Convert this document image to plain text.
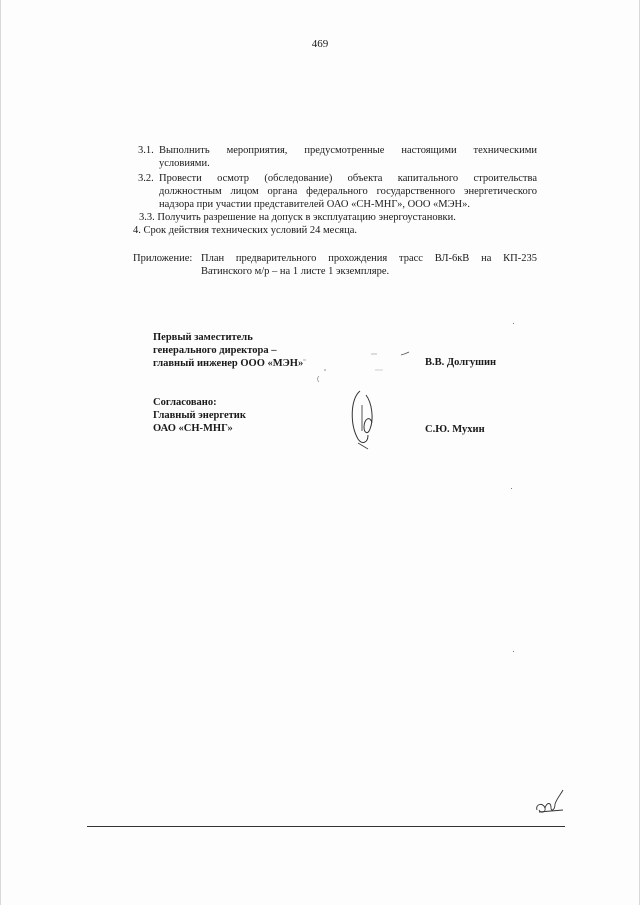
469
3.1. Выполнить мероприятия, предусмотренные настоящими техническими
условиями.
3.2. Провести осмотр (обследование) объекта капитального строительства
должностным лицом органа федерального государственного энергетического
надзора при участии представителей ОАО «СН-МНГ», ООО «МЭН».
3.3. Получить разрешение на допуск в эксплуатацию энергоустановки.
4. Срок действия технических условий 24 месяца.
Приложение: План предварительного прохождения трасс ВЛ-6кВ на КП-235
Ватинского м/р – на 1 листе 1 экземпляре.
Первый заместитель
генерального директора –
главный инженер ООО «МЭН»	В.В. Долгушин
Согласовано:
Главный энергетик
ОАО «СН-МНГ»	С.Ю. Мухин
